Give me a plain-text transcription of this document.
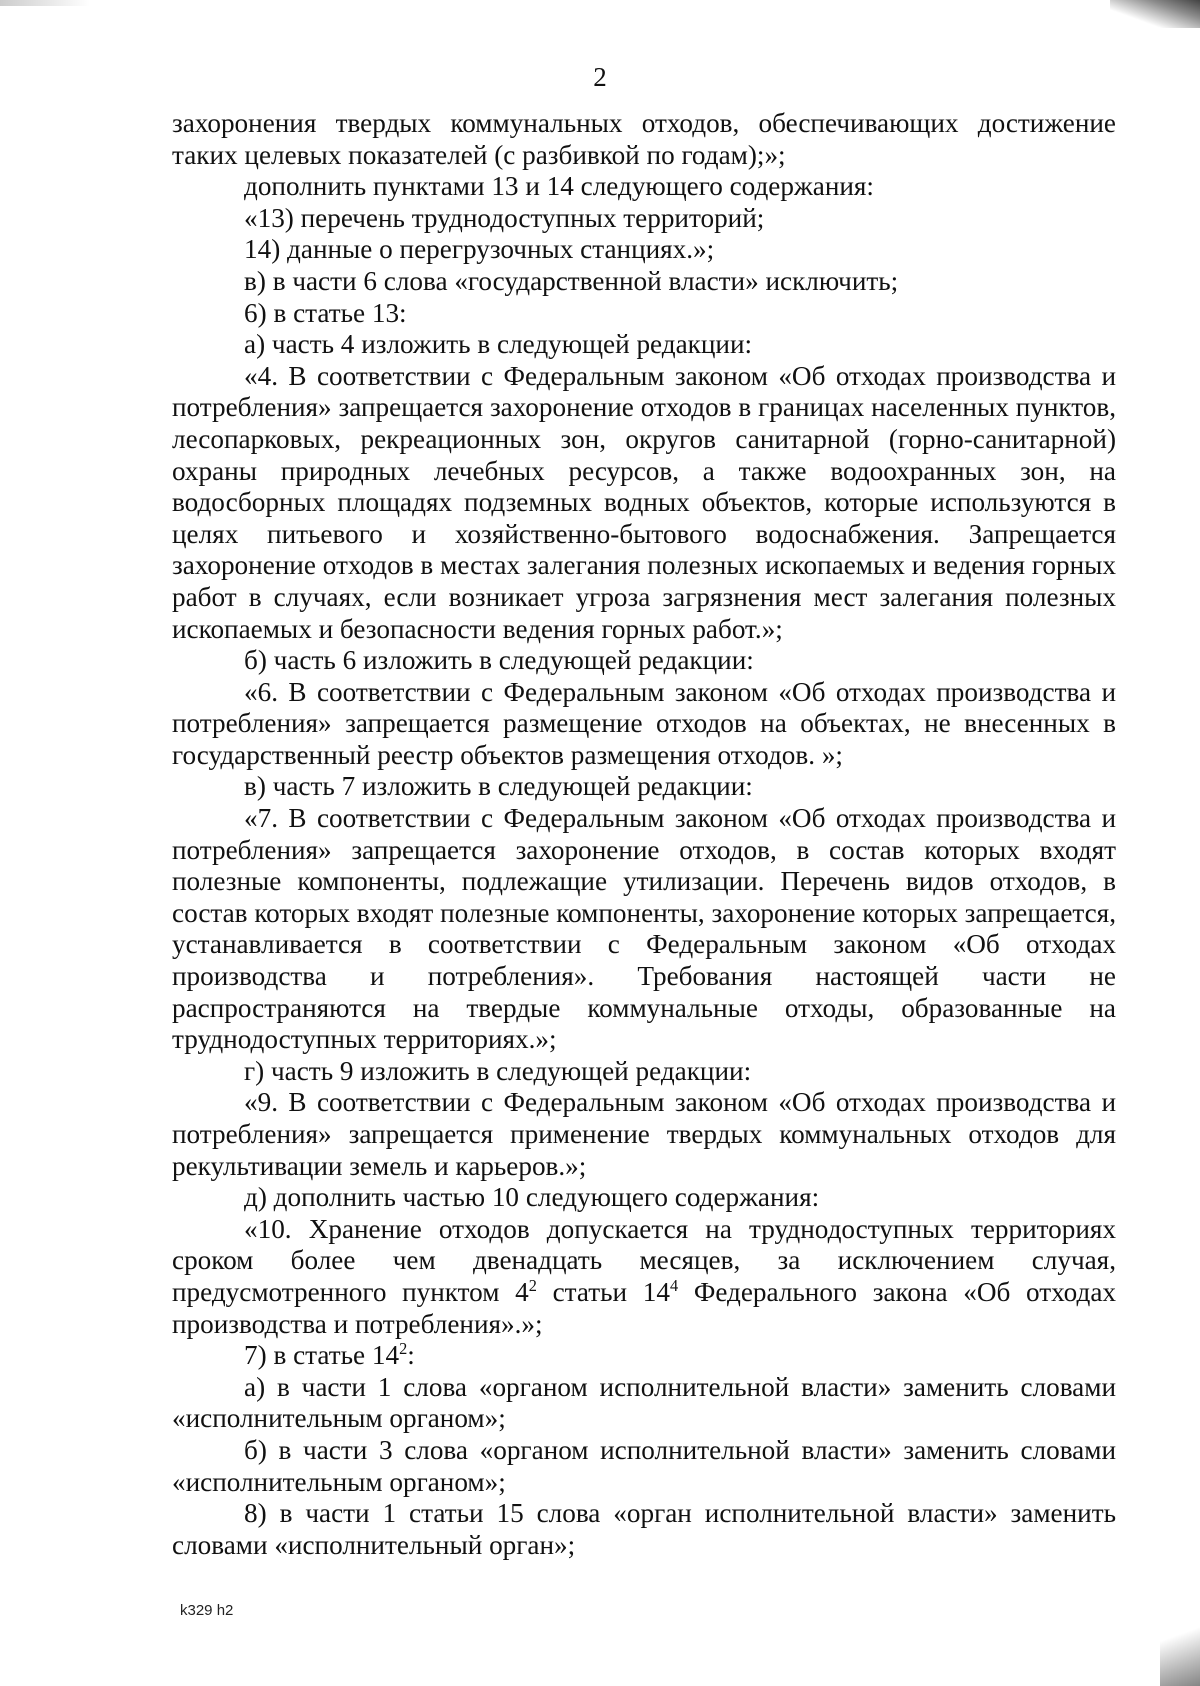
2

захоронения твердых коммунальных отходов, обеспечивающих достижение таких целевых показателей (с разбивкой по годам);»;

дополнить пунктами 13 и 14 следующего содержания:

«13) перечень труднодоступных территорий;

14) данные о перегрузочных станциях.»;

в) в части 6 слова «государственной власти» исключить;

6) в статье 13:

а) часть 4 изложить в следующей редакции:

«4. В соответствии с Федеральным законом «Об отходах производства и потребления» запрещается захоронение отходов в границах населенных пунктов, лесопарковых, рекреационных зон, округов санитарной (горно-санитарной) охраны природных лечебных ресурсов, а также водоохранных зон, на водосборных площадях подземных водных объектов, которые используются в целях питьевого и хозяйственно-бытового водоснабжения. Запрещается захоронение отходов в местах залегания полезных ископаемых и ведения горных работ в случаях, если возникает угроза загрязнения мест залегания полезных ископаемых и безопасности ведения горных работ.»;

б) часть 6 изложить в следующей редакции:

«6. В соответствии с Федеральным законом «Об отходах производства и потребления» запрещается размещение отходов на объектах, не внесенных в государственный реестр объектов размещения отходов. »;

в) часть 7 изложить в следующей редакции:

«7. В соответствии с Федеральным законом «Об отходах производства и потребления» запрещается захоронение отходов, в состав которых входят полезные компоненты, подлежащие утилизации. Перечень видов отходов, в состав которых входят полезные компоненты, захоронение которых запрещается, устанавливается в соответствии с Федеральным законом «Об отходах производства и потребления». Требования настоящей части не распространяются на твердые коммунальные отходы, образованные на труднодоступных территориях.»;

г) часть 9 изложить в следующей редакции:

«9. В соответствии с Федеральным законом «Об отходах производства и потребления» запрещается применение твердых коммунальных отходов для рекультивации земель и карьеров.»;

д) дополнить частью 10 следующего содержания:

«10. Хранение отходов допускается на труднодоступных территориях сроком более чем двенадцать месяцев, за исключением случая, предусмотренного пунктом $4^2$ статьи $14^4$ Федерального закона «Об отходах производства и потребления».»;

7) в статье $14^2$:

а) в части 1 слова «органом исполнительной власти» заменить словами «исполнительным органом»;

б) в части 3 слова «органом исполнительной власти» заменить словами «исполнительным органом»;

8) в части 1 статьи 15 слова «орган исполнительной власти» заменить словами «исполнительный орган»;

k329 h2
